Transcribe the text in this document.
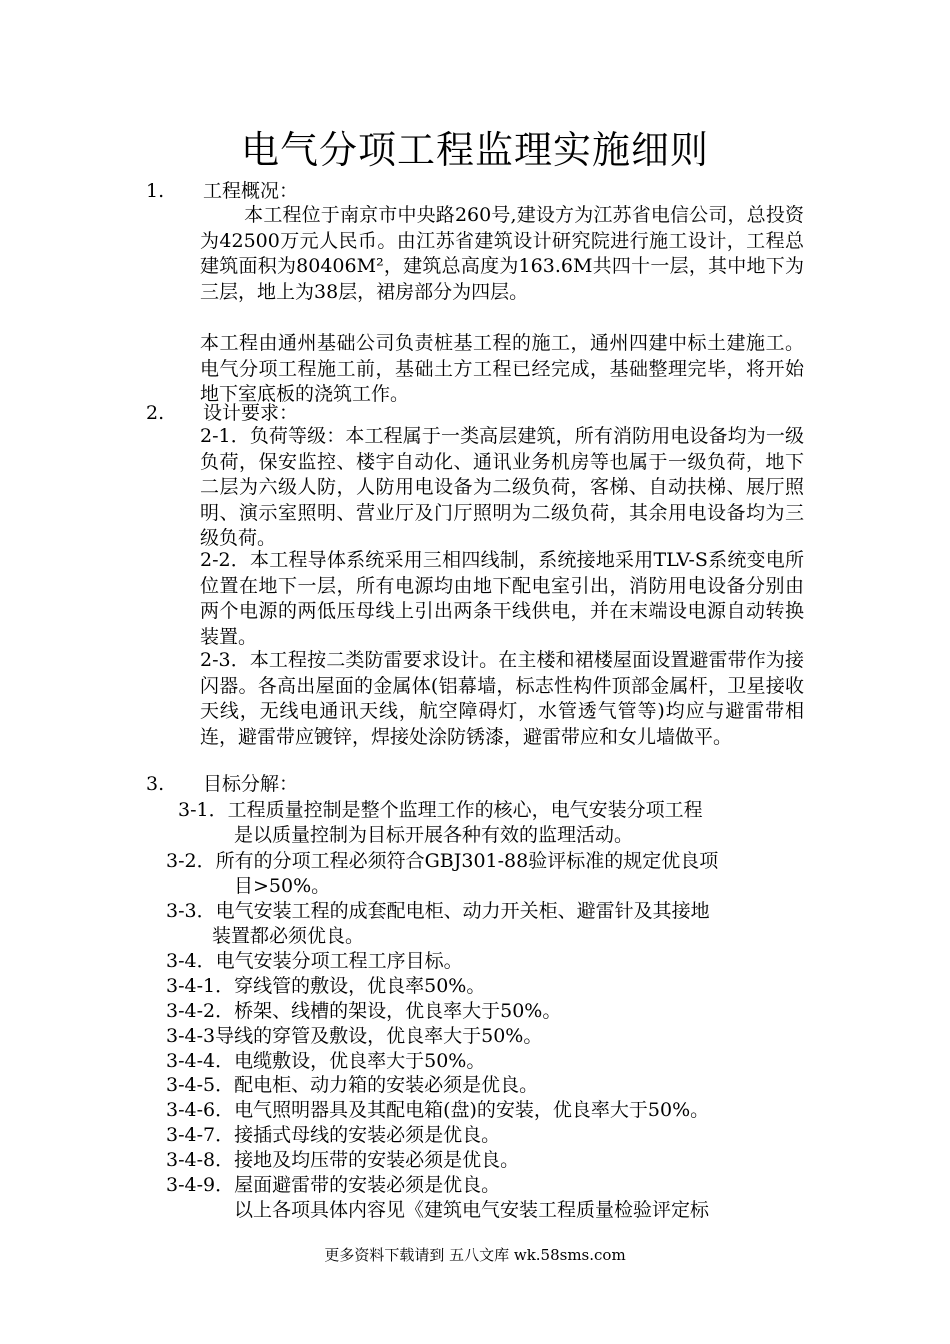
电气分项工程监理实施细则
1. 工程概况：
本工程位于南京市中央路260号,建设方为江苏省电信公司，总投资为42500万元人民币。由江苏省建筑设计研究院进行施工设计，工程总建筑面积为80406M²，建筑总高度为163.6M共四十一层，其中地下为三层，地上为38层，裙房部分为四层。
本工程由通州基础公司负责桩基工程的施工，通州四建中标土建施工。电气分项工程施工前，基础土方工程已经完成，基础整理完毕，将开始地下室底板的浇筑工作。
2. 设计要求：
2-1．负荷等级：本工程属于一类高层建筑，所有消防用电设备均为一级负荷，保安监控、楼宇自动化、通讯业务机房等也属于一级负荷，地下二层为六级人防，人防用电设备为二级负荷，客梯、自动扶梯、展厅照明、演示室照明、营业厅及门厅照明为二级负荷，其余用电设备均为三级负荷。
2-2．本工程导体系统采用三相四线制，系统接地采用TLV-S系统变电所位置在地下一层，所有电源均由地下配电室引出，消防用电设备分别由两个电源的两低压母线上引出两条干线供电，并在末端设电源自动转换装置。
2-3．本工程按二类防雷要求设计。在主楼和裙楼屋面设置避雷带作为接闪器。各高出屋面的金属体(铝幕墙，标志性构件顶部金属杆，卫星接收天线，无线电通讯天线，航空障碍灯，水管透气管等)均应与避雷带相连，避雷带应镀锌，焊接处涂防锈漆，避雷带应和女儿墙做平。
3. 目标分解：
3-1．工程质量控制是整个监理工作的核心，电气安装分项工程
是以质量控制为目标开展各种有效的监理活动。
3-2．所有的分项工程必须符合GBJ301-88验评标准的规定优良项
目>50%。
3-3．电气安装工程的成套配电柜、动力开关柜、避雷针及其接地
装置都必须优良。
3-4．电气安装分项工程工序目标。
3-4-1．穿线管的敷设，优良率50%。
3-4-2．桥架、线槽的架设，优良率大于50%。
3-4-3导线的穿管及敷设，优良率大于50%。
3-4-4．电缆敷设，优良率大于50%。
3-4-5．配电柜、动力箱的安装必须是优良。
3-4-6．电气照明器具及其配电箱(盘)的安装，优良率大于50%。
3-4-7．接插式母线的安装必须是优良。
3-4-8．接地及均压带的安装必须是优良。
3-4-9．屋面避雷带的安装必须是优良。
以上各项具体内容见《建筑电气安装工程质量检验评定标
更多资料下载请到 五八文库 wk.58sms.com
